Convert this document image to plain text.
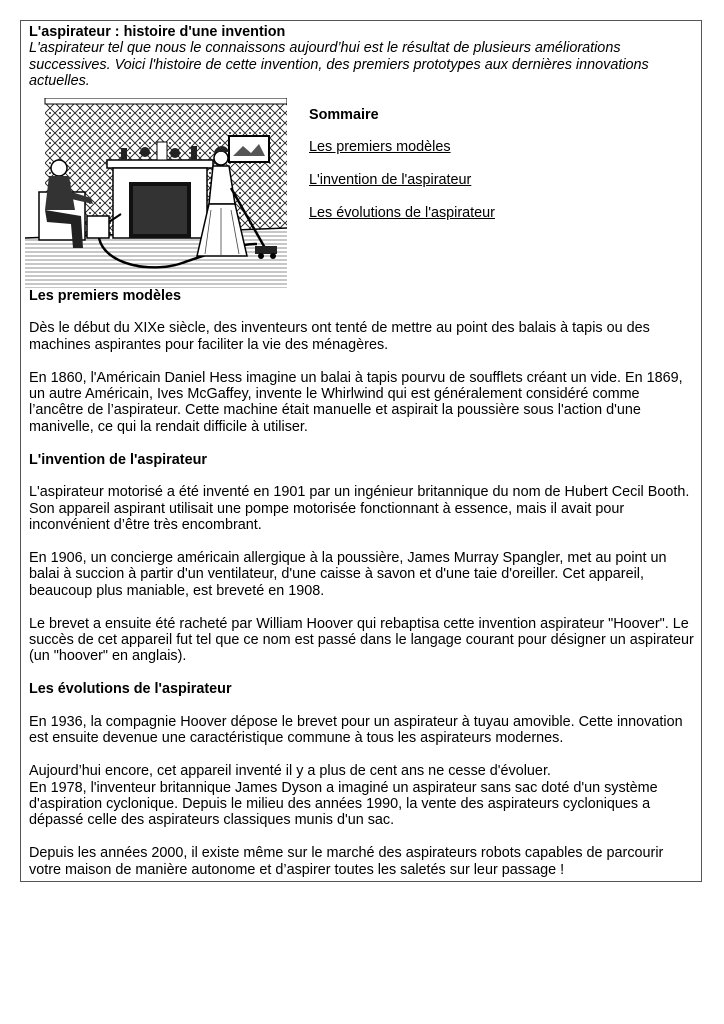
L'aspirateur : histoire d'une invention

L'aspirateur tel que nous le connaissons aujourd’hui est le résultat de plusieurs améliorations successives. Voici l'histoire de cette invention, des premiers prototypes aux dernières innovations actuelles.

Sommaire

Les premiers modèles

L'invention de l'aspirateur

Les évolutions de l'aspirateur

Les premiers modèles

Dès le début du XIXe siècle, des inventeurs ont tenté de mettre au point des balais à tapis ou des machines aspirantes pour faciliter la vie des ménagères.

En 1860, l'Américain Daniel Hess imagine un balai à tapis pourvu de soufflets créant un vide. En 1869, un autre Américain, Ives McGaffey, invente le Whirlwind qui est généralement considéré comme l’ancêtre de l’aspirateur. Cette machine était manuelle et aspirait la poussière sous l'action d'une manivelle, ce qui la rendait difficile à utiliser.

L'invention de l'aspirateur

L'aspirateur motorisé a été inventé en 1901 par un ingénieur britannique du nom de Hubert Cecil Booth. Son appareil aspirant utilisait une pompe motorisée fonctionnant à essence, mais il avait pour inconvénient d’être très encombrant.

En 1906, un concierge américain allergique à la poussière, James Murray Spangler, met au point un balai à succion à partir d'un ventilateur, d'une caisse à savon et d'une taie d'oreiller. Cet appareil, beaucoup plus maniable, est breveté en 1908.

Le brevet a ensuite été racheté par William Hoover qui rebaptisa cette invention aspirateur "Hoover". Le succès de cet appareil fut tel que ce nom est passé dans le langage courant pour désigner un aspirateur (un "hoover" en anglais).

Les évolutions de l'aspirateur

En 1936, la compagnie Hoover dépose le brevet pour un aspirateur à tuyau amovible. Cette innovation est ensuite devenue une caractéristique commune à tous les aspirateurs modernes.

Aujourd’hui encore, cet appareil inventé il y a plus de cent ans ne cesse d'évoluer.

En 1978, l'inventeur britannique James Dyson a imaginé un aspirateur sans sac doté d'un système d'aspiration cyclonique. Depuis le milieu des années 1990, la vente des aspirateurs cycloniques a dépassé celle des aspirateurs classiques munis d'un sac.

Depuis les années 2000, il existe même sur le marché des aspirateurs robots capables de parcourir votre maison de manière autonome et d’aspirer toutes les saletés sur leur passage !
